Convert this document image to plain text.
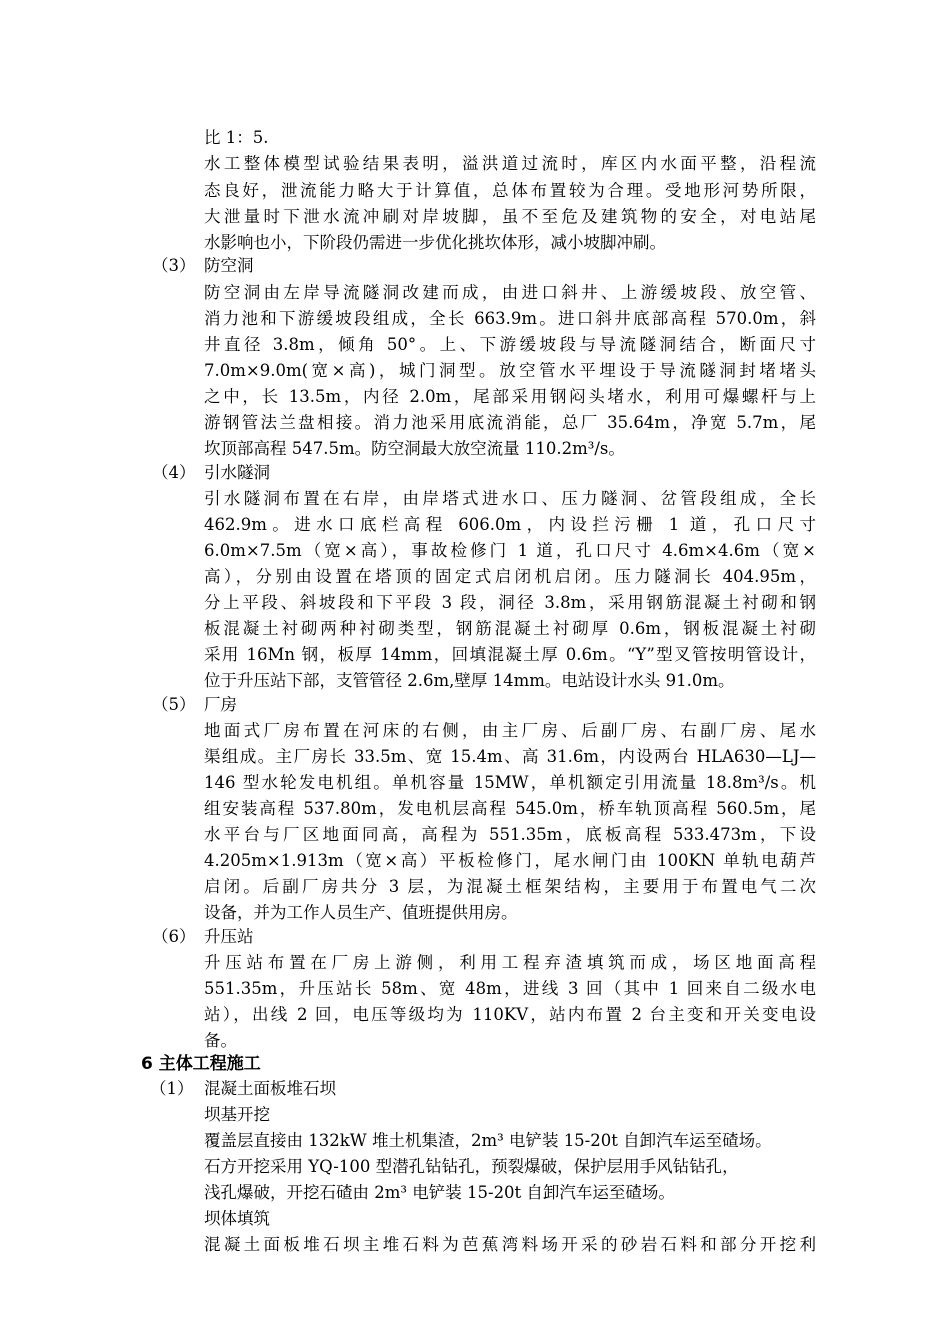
比 1：5.
水工整体模型试验结果表明，溢洪道过流时，库区内水面平整，沿程流
态良好，泄流能力略大于计算值，总体布置较为合理。受地形河势所限，
大泄量时下泄水流冲刷对岸坡脚，虽不至危及建筑物的安全，对电站尾
水影响也小，下阶段仍需进一步优化挑坎体形，减小坡脚冲刷。
（3） 防空洞
防空洞由左岸导流隧洞改建而成，由进口斜井、上游缓坡段、放空管、
消力池和下游缓坡段组成，全长 663.9m。进口斜井底部高程 570.0m，斜
井直径 3.8m，倾角 50°。上、下游缓坡段与导流隧洞结合，断面尺寸
7.0m×9.0m(宽×高)，城门洞型。放空管水平埋设于导流隧洞封堵堵头
之中，长 13.5m，内径 2.0m，尾部采用钢闷头堵水，利用可爆螺杆与上
游钢管法兰盘相接。消力池采用底流消能，总厂 35.64m，净宽 5.7m，尾
坎顶部高程 547.5m。防空洞最大放空流量 110.2m³/s。
（4） 引水隧洞
引水隧洞布置在右岸，由岸塔式进水口、压力隧洞、岔管段组成，全长
462.9m。进水口底栏高程 606.0m，内设拦污栅 1 道，孔口尺寸
6.0m×7.5m（宽×高），事故检修门 1 道，孔口尺寸 4.6m×4.6m（宽×
高），分别由设置在塔顶的固定式启闭机启闭。压力隧洞长 404.95m，
分上平段、斜坡段和下平段 3 段，洞径 3.8m，采用钢筋混凝土衬砌和钢
板混凝土衬砌两种衬砌类型，钢筋混凝土衬砌厚 0.6m，钢板混凝土衬砌
采用 16Mn 钢，板厚 14mm，回填混凝土厚 0.6m。“Y”型叉管按明管设计，
位于升压站下部，支管管径 2.6m,壁厚 14mm。电站设计水头 91.0m。
（5） 厂房
地面式厂房布置在河床的右侧，由主厂房、后副厂房、右副厂房、尾水
渠组成。主厂房长 33.5m、宽 15.4m、高 31.6m，内设两台 HLA630—LJ—
146 型水轮发电机组。单机容量 15MW，单机额定引用流量 18.8m³/s。机
组安装高程 537.80m，发电机层高程 545.0m，桥车轨顶高程 560.5m，尾
水平台与厂区地面同高，高程为 551.35m，底板高程 533.473m，下设
4.205m×1.913m（宽×高）平板检修门，尾水闸门由 100KN 单轨电葫芦
启闭。后副厂房共分 3 层，为混凝土框架结构，主要用于布置电气二次
设备，并为工作人员生产、值班提供用房。
（6） 升压站
升压站布置在厂房上游侧，利用工程弃渣填筑而成，场区地面高程
551.35m，升压站长 58m、宽 48m，进线 3 回（其中 1 回来自二级水电
站），出线 2 回，电压等级均为 110KV，站内布置 2 台主变和开关变电设
备。
6 主体工程施工
（1） 混凝土面板堆石坝
坝基开挖
覆盖层直接由 132kW 堆土机集渣，2m³ 电铲装 15-20t 自卸汽车运至碴场。
石方开挖采用 YQ-100 型潜孔钻钻孔，预裂爆破，保护层用手风钻钻孔，
浅孔爆破，开挖石碴由 2m³ 电铲装 15-20t 自卸汽车运至碴场。
坝体填筑
混凝土面板堆石坝主堆石料为芭蕉湾料场开采的砂岩石料和部分开挖利
